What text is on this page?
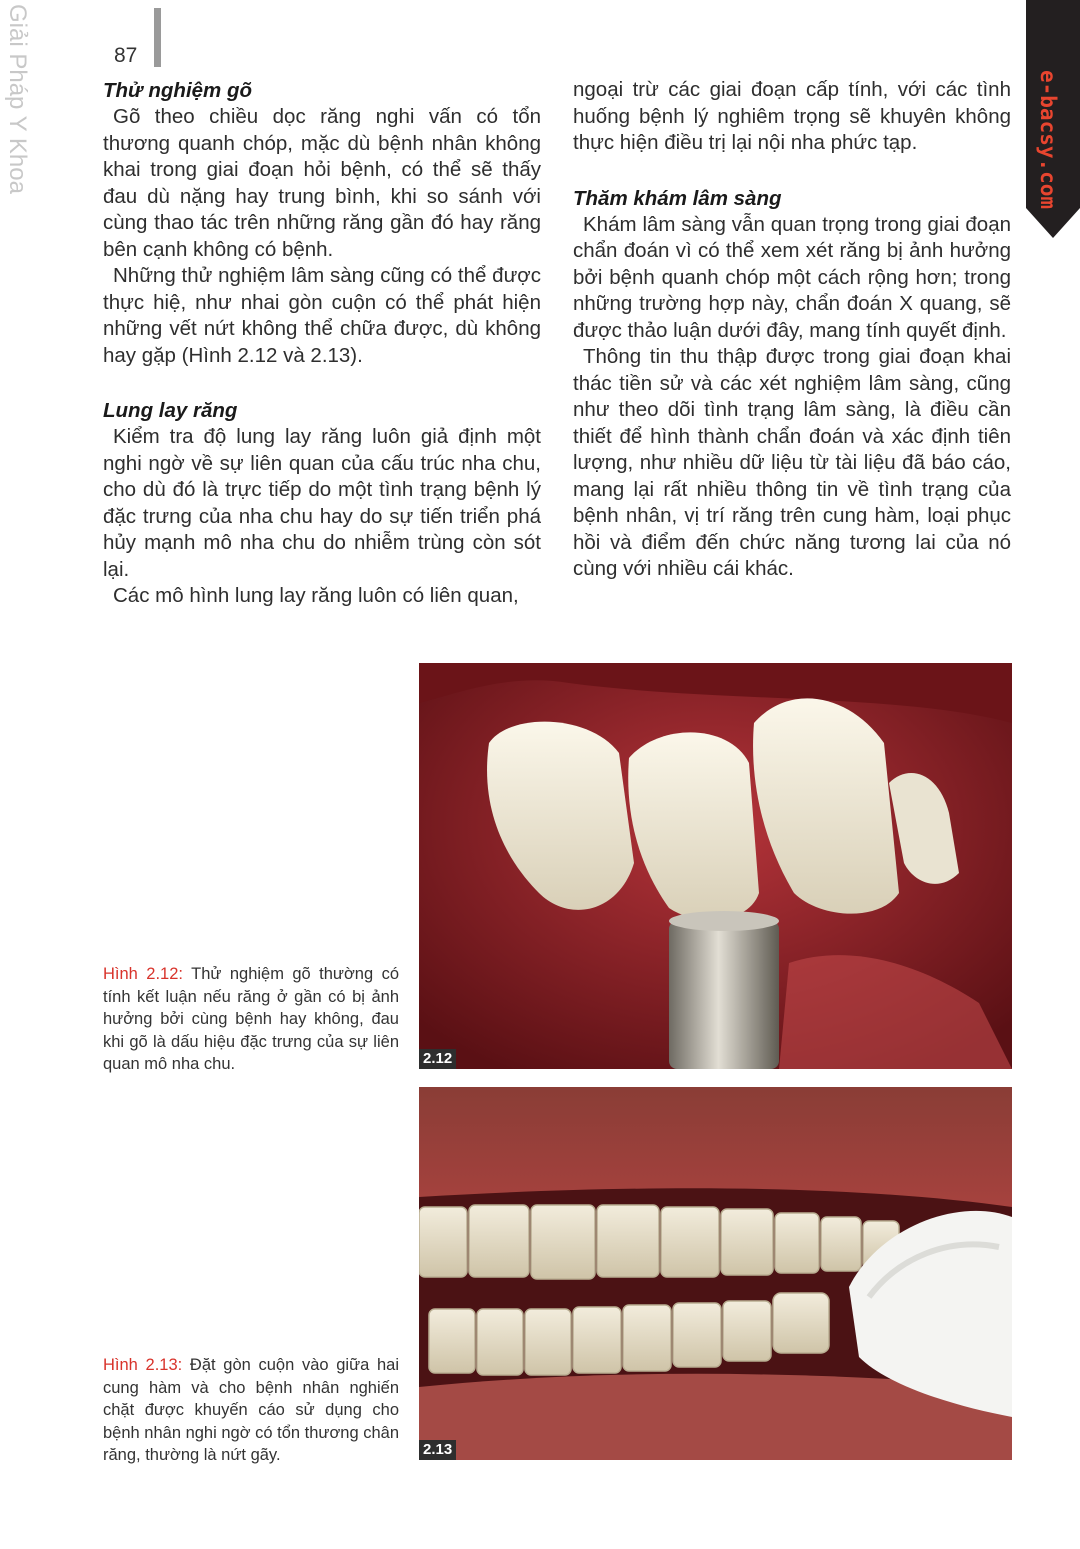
Giải Pháp Y Khoa	87
e-bacsy.com
Thử nghiệm gõ

Gõ theo chiều dọc răng nghi vấn có tổn thương quanh chóp, mặc dù bệnh nhân không khai trong giai đoạn hỏi bệnh, có thể sẽ thấy đau dù nặng hay trung bình, khi so sánh với cùng thao tác trên những răng gần đó hay răng bên cạnh không có bệnh.

Những thử nghiệm lâm sàng cũng có thể được thực hiệ, như nhai gòn cuộn có thể phát hiện những vết nứt không thể chữa được, dù không hay gặp (Hình 2.12 và 2.13).

Lung lay răng

Kiểm tra độ lung lay răng luôn giả định một nghi ngờ về sự liên quan của cấu trúc nha chu, cho dù đó là trực tiếp do một tình trạng bệnh lý đặc trưng của nha chu hay do sự tiến triển phá hủy mạnh mô nha chu do nhiễm trùng còn sót lại.

Các mô hình lung lay răng luôn có liên quan,

ngoại trừ các giai đoạn cấp tính, với các tình huống bệnh lý nghiêm trọng sẽ khuyên không thực hiện điều trị lại nội nha phức tạp.

Thăm khám lâm sàng

Khám lâm sàng vẫn quan trọng trong giai đoạn chẩn đoán vì có thể xem xét răng bị ảnh hưởng bởi bệnh quanh chóp một cách rộng hơn; trong những trường hợp này, chẩn đoán X quang, sẽ được thảo luận dưới đây, mang tính quyết định.

Thông tin thu thập được trong giai đoạn khai thác tiền sử và các xét nghiệm lâm sàng, cũng như theo dõi tình trạng lâm sàng, là điều cần thiết để hình thành chẩn đoán và xác định tiên lượng, như nhiều dữ liệu từ tài liệu đã báo cáo, mang lại rất nhiều thông tin về tình trạng của bệnh nhân, vị trí răng trên cung hàm, loại phục hồi và điểm đến chức năng tương lai của nó cùng với nhiều cái khác.

2.12
2.13
Hình 2.12: Thử nghiệm gõ thường có tính kết luận nếu răng ở gần có bị ảnh hưởng bởi cùng bệnh hay không, đau khi gõ là dấu hiệu đặc trưng của sự liên quan mô nha chu.
Hình 2.13: Đặt gòn cuộn vào giữa hai cung hàm và cho bệnh nhân nghiến chặt được khuyến cáo sử dụng cho bệnh nhân nghi ngờ có tổn thương chân răng, thường là nứt gãy.
